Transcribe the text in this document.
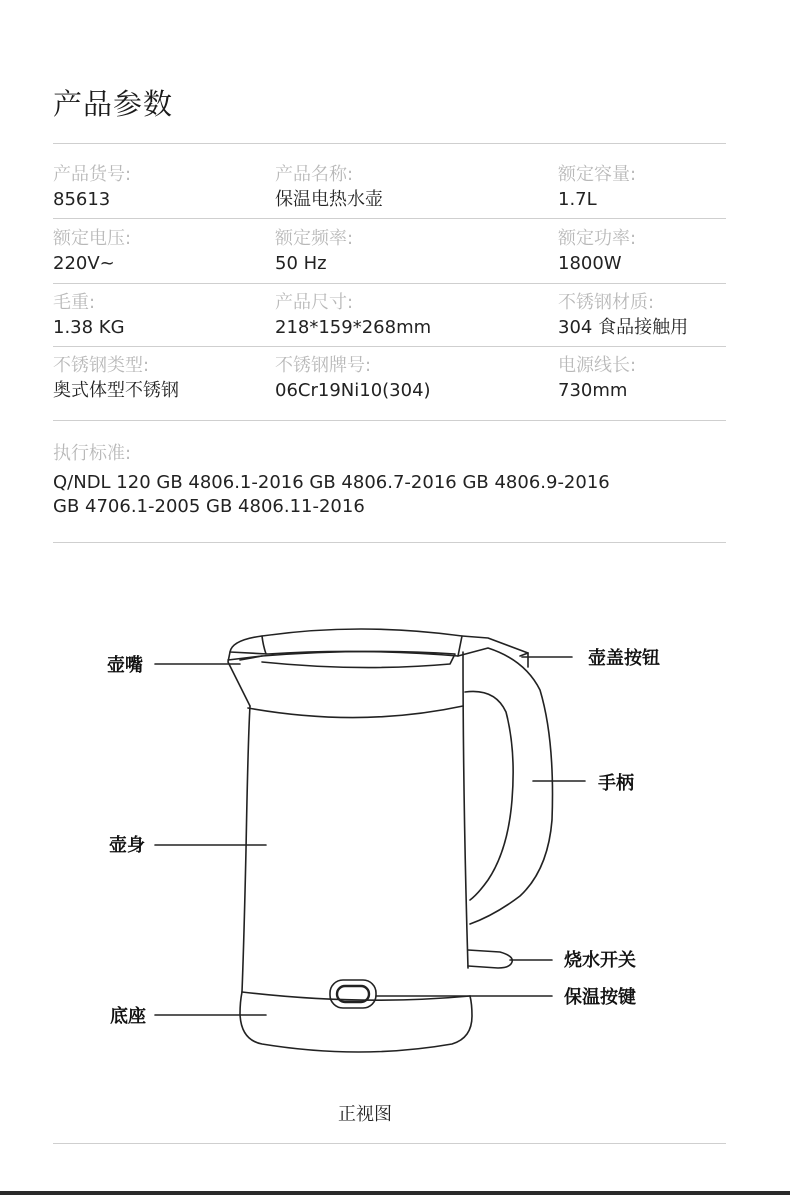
产品参数
产品货号:
85613
产品名称:
保温电热水壶
额定容量:
1.7L
额定电压:
220V~
额定频率:
50 Hz
额定功率:
1800W
毛重:
1.38 KG
产品尺寸:
218*159*268mm
不锈钢材质:
304 食品接触用
不锈钢类型:
奥式体型不锈钢
不锈钢牌号:
06Cr19Ni10(304)
电源线长:
730mm
执行标准:
Q/NDL 120 GB 4806.1-2016 GB 4806.7-2016 GB 4806.9-2016
GB 4706.1-2005 GB 4806.11-2016
壶嘴	壶盖按钮
手柄
壶身
烧水开关
保温按键
底座
正视图
